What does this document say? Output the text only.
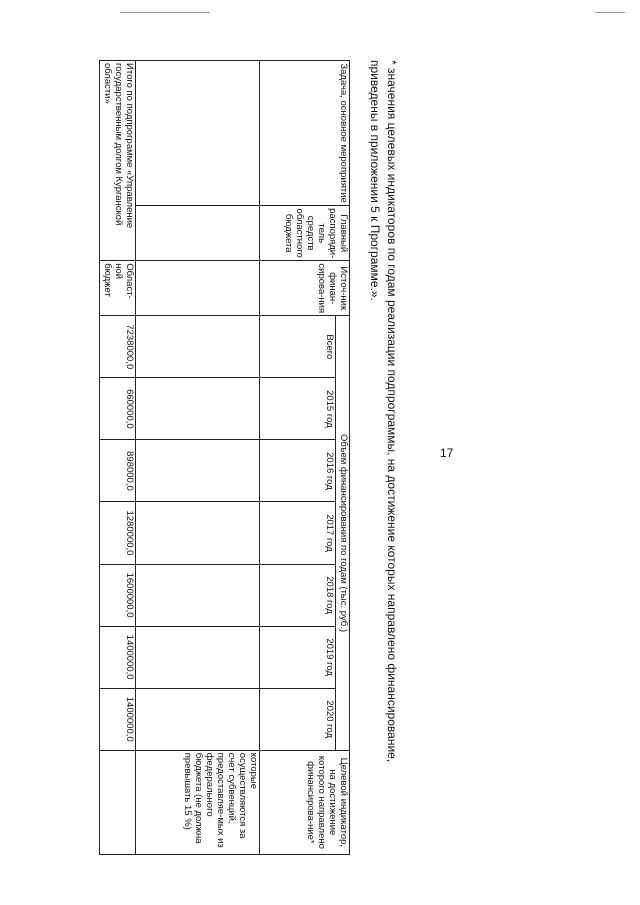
17
Задача, основное мероприятие	Главный распоряди-тель средств областного бюджета	Источ-ник финан-сирова-ния	Объем финансирования по годам (тыс. руб.)							Целевой индикатор, на достижение которого направлено финансирова-ние*
			Всего	2015 год	2016 год	2017 год	2018 год	2019 год	2020 год	
										которые осуществляются за счет субвенций, предоставляе-мых из федерального бюджета (не должна превышать 15 %)
Итого по подпрограмме «Управление государственным долгом Курганской области»		Област-ной бюджет	7238000,0	660000,0	898000,0	1280000,0	1600000,0	1400000,0	1400000,0		* значения целевых индикаторов по годам реализации подпрограммы, на достижение которых направлено финансирование,

приведены в приложении 5 к Программе.».
